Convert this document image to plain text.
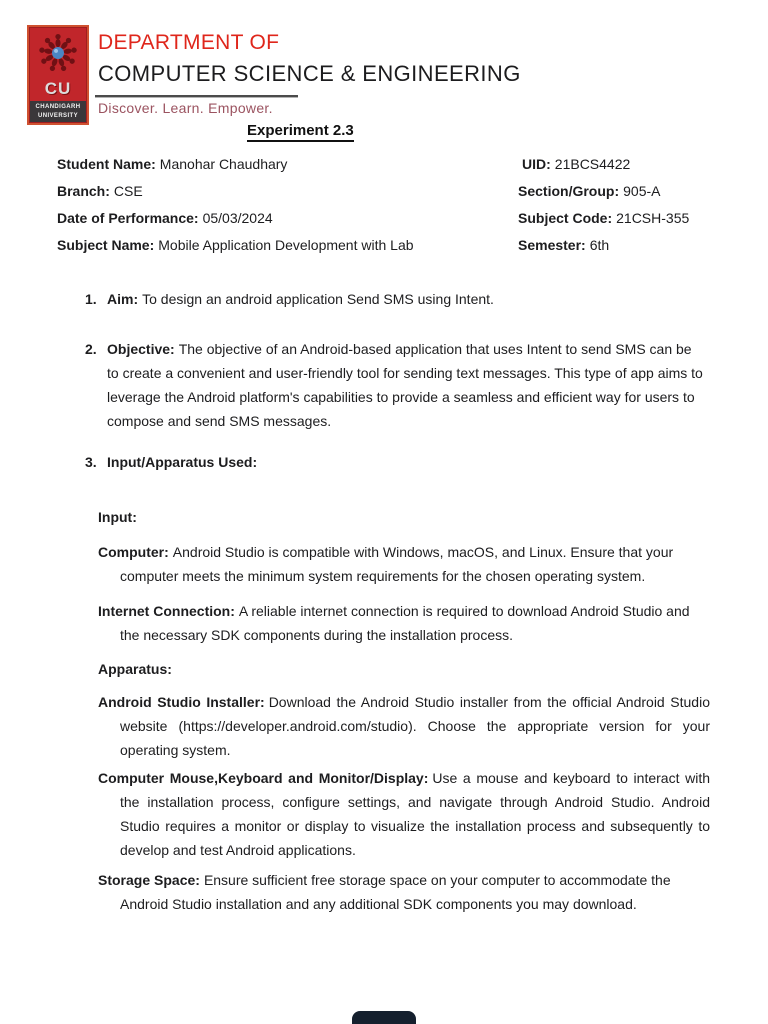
CU
CHANDIGARH
UNIVERSITY
DEPARTMENT OF
COMPUTER SCIENCE & ENGINEERING
Discover. Learn. Empower.
Experiment 2.3
Student Name: Manohar Chaudhary	UID: 21BCS4422
Branch: CSE	Section/Group: 905-A
Date of Performance: 05/03/2024	Subject Code: 21CSH-355
Subject Name: Mobile Application Development with Lab	Semester: 6th
1. Aim: To design an android application Send SMS using Intent.
2. Objective: The objective of an Android-based application that uses Intent to send SMS can be to create a convenient and user-friendly tool for sending text messages. This type of app aims to leverage the Android platform's capabilities to provide a seamless and efficient way for users to compose and send SMS messages.
3. Input/Apparatus Used:
Input:

Computer: Android Studio is compatible with Windows, macOS, and Linux. Ensure that your computer meets the minimum system requirements for the chosen operating system.

Internet Connection: A reliable internet connection is required to download Android Studio and the necessary SDK components during the installation process.

Apparatus:

Android Studio Installer: Download the Android Studio installer from the official Android Studio website (https://developer.android.com/studio). Choose the appropriate version for your operating system.

Computer Mouse,Keyboard and Monitor/Display: Use a mouse and keyboard to interact with the installation process, configure settings, and navigate through Android Studio. Android Studio requires a monitor or display to visualize the installation process and subsequently to develop and test Android applications.

Storage Space: Ensure sufficient free storage space on your computer to accommodate the Android Studio installation and any additional SDK components you may download.
